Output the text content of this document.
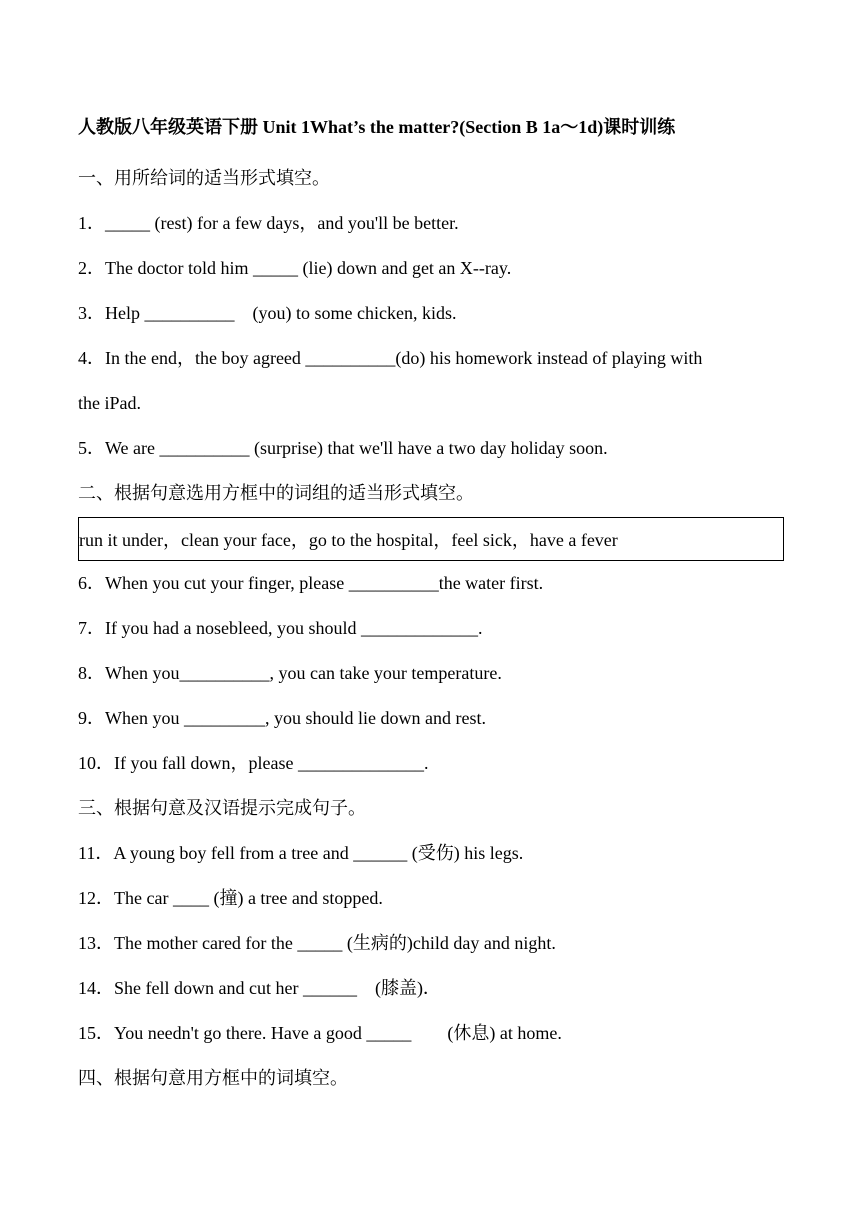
人教版八年级英语下册 Unit 1What’s the matter?(Section B 1a～1d)课时训练
一、用所给词的适当形式填空。
1．_____ (rest) for a few days，and you'll be better.
2．The doctor told him _____ (lie) down and get an X--ray.
3．Help __________　(you) to some chicken, kids.
4．In the end，the boy agreed __________(do) his homework instead of playing with
the iPad.
5．We are __________ (surprise) that we'll have a two day holiday soon.
二、根据句意选用方框中的词组的适当形式填空。
run it under，clean your face，go to the hospital，feel sick，have a fever
6．When you cut your finger, please __________the water first.
7．If you had a nosebleed, you should _____________.
8．When you__________, you can take your temperature.
9．When you _________, you should lie down and rest.
10．If you fall down，please ______________.
三、根据句意及汉语提示完成句子。
11．A young boy fell from a tree and ______ (受伤) his legs.
12．The car ____ (撞) a tree and stopped.
13．The mother cared for the _____ (生病的)child day and night.
14．She fell down and cut her ______　(膝盖)．
15．You needn't go there. Have a good _____　　(休息) at home.
四、根据句意用方框中的词填空。
